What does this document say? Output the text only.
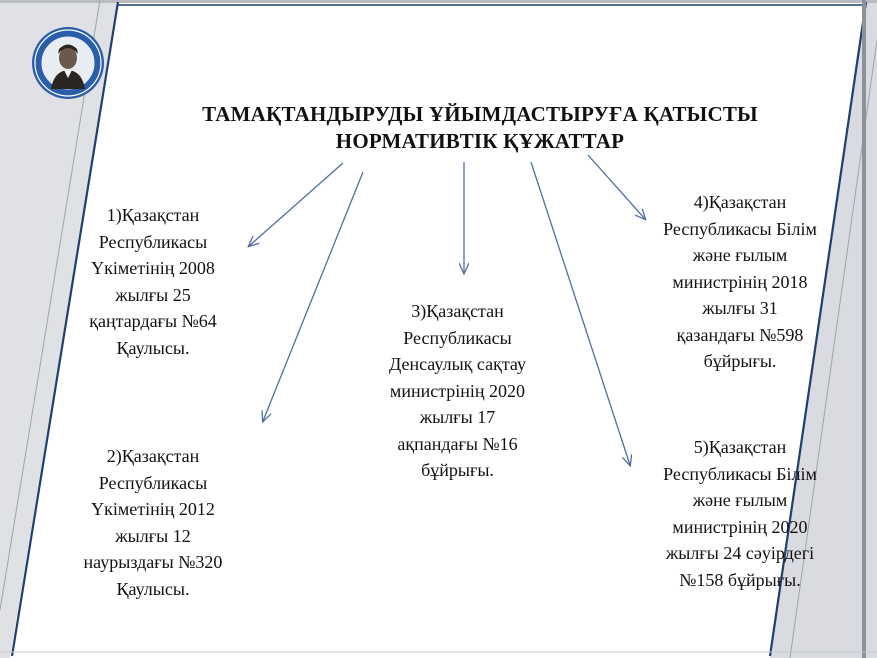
ТАМАҚТАНДЫРУДЫ ҰЙЫМДАСТЫРУҒА ҚАТЫСТЫ
НОРМАТИВТІК ҚҰЖАТТАР
1)Қазақстан
Республикасы
Үкіметінің 2008
жылғы 25
қаңтардағы №64
Қаулысы.
2)Қазақстан
Республикасы
Үкіметінің 2012
жылғы 12
наурыздағы №320
Қаулысы.
3)Қазақстан
Республикасы
Денсаулық сақтау
министрінің 2020
жылғы 17
ақпандағы №16
бұйрығы.
4)Қазақстан
Республикасы Білім
және ғылым
министрінің 2018
жылғы 31
қазандағы №598
бұйрығы.
5)Қазақстан
Республикасы Білім
және ғылым
министрінің 2020
жылғы 24 сәуірдегі
№158 бұйрығы.
